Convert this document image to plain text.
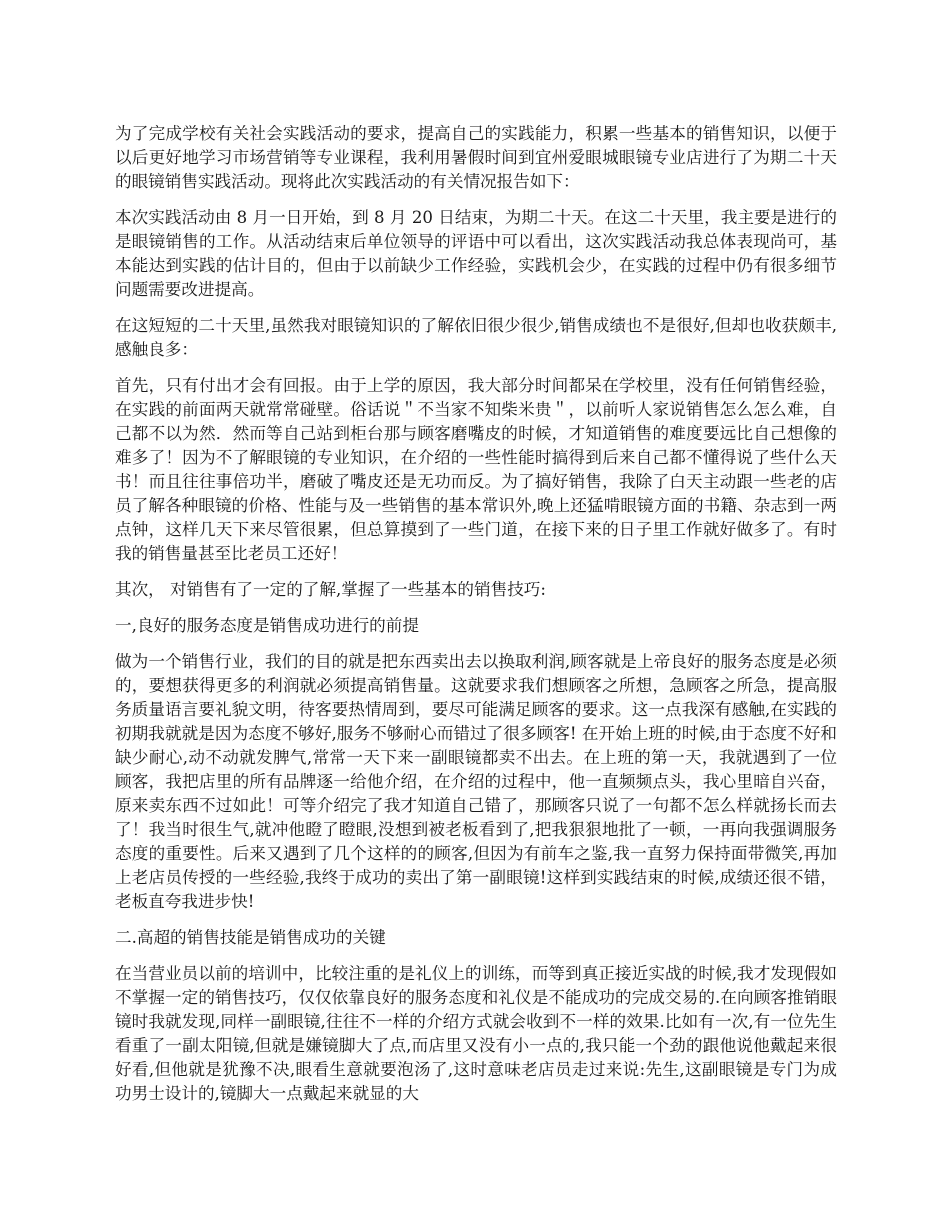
为了完成学校有关社会实践活动的要求，提高自己的实践能力，积累一些基本的销售知识，以便于以后更好地学习市场营销等专业课程，我利用暑假时间到宜州爱眼城眼镜专业店进行了为期二十天的眼镜销售实践活动。现将此次实践活动的有关情况报告如下：

本次实践活动由 8 月一日开始，到 8 月 20 日结束，为期二十天。在这二十天里，我主要是进行的是眼镜销售的工作。从活动结束后单位领导的评语中可以看出，这次实践活动我总体表现尚可，基本能达到实践的估计目的，但由于以前缺少工作经验，实践机会少，在实践的过程中仍有很多细节问题需要改进提高。

在这短短的二十天里,虽然我对眼镜知识的了解依旧很少很少,销售成绩也不是很好,但却也收获颇丰,感触良多：

首先，只有付出才会有回报。由于上学的原因，我大部分时间都呆在学校里，没有任何销售经验，在实践的前面两天就常常碰壁。俗话说＂不当家不知柴米贵＂，以前听人家说销售怎么怎么难，自己都不以为然．然而等自己站到柜台那与顾客磨嘴皮的时候，才知道销售的难度要远比自己想像的难多了！因为不了解眼镜的专业知识，在介绍的一些性能时搞得到后来自己都不懂得说了些什么天书！而且往往事倍功半，磨破了嘴皮还是无功而反。为了搞好销售，我除了白天主动跟一些老的店员了解各种眼镜的价格、性能与及一些销售的基本常识外,晚上还猛啃眼镜方面的书籍、杂志到一两点钟，这样几天下来尽管很累，但总算摸到了一些门道，在接下来的日子里工作就好做多了。有时我的销售量甚至比老员工还好！

其次， 对销售有了一定的了解,掌握了一些基本的销售技巧:

一,良好的服务态度是销售成功进行的前提

做为一个销售行业，我们的目的就是把东西卖出去以换取利润,顾客就是上帝良好的服务态度是必须的，要想获得更多的利润就必须提高销售量。这就要求我们想顾客之所想，急顾客之所急，提高服务质量语言要礼貌文明，待客要热情周到，要尽可能满足顾客的要求。这一点我深有感触,在实践的初期我就就是因为态度不够好,服务不够耐心而错过了很多顾客! 在开始上班的时候,由于态度不好和缺少耐心,动不动就发脾气,常常一天下来一副眼镜都卖不出去。在上班的第一天，我就遇到了一位顾客，我把店里的所有品牌逐一给他介绍，在介绍的过程中，他一直频频点头，我心里暗自兴奋，原来卖东西不过如此！可等介绍完了我才知道自己错了，那顾客只说了一句都不怎么样就扬长而去了！我当时很生气,就冲他瞪了瞪眼,没想到被老板看到了,把我狠狠地批了一顿，一再向我强调服务态度的重要性。后来又遇到了几个这样的的顾客,但因为有前车之鉴,我一直努力保持面带微笑,再加上老店员传授的一些经验,我终于成功的卖出了第一副眼镜!这样到实践结束的时候,成绩还很不错，老板直夸我进步快!

二.高超的销售技能是销售成功的关键

在当营业员以前的培训中，比较注重的是礼仪上的训练，而等到真正接近实战的时候,我才发现假如不掌握一定的销售技巧，仅仅依靠良好的服务态度和礼仪是不能成功的完成交易的.在向顾客推销眼镜时我就发现,同样一副眼镜,往往不一样的介绍方式就会收到不一样的效果.比如有一次,有一位先生看重了一副太阳镜,但就是嫌镜脚大了点,而店里又没有小一点的,我只能一个劲的跟他说他戴起来很好看,但他就是犹豫不决,眼看生意就要泡汤了,这时意味老店员走过来说:先生,这副眼镜是专门为成功男士设计的,镜脚大一点戴起来就显的大
